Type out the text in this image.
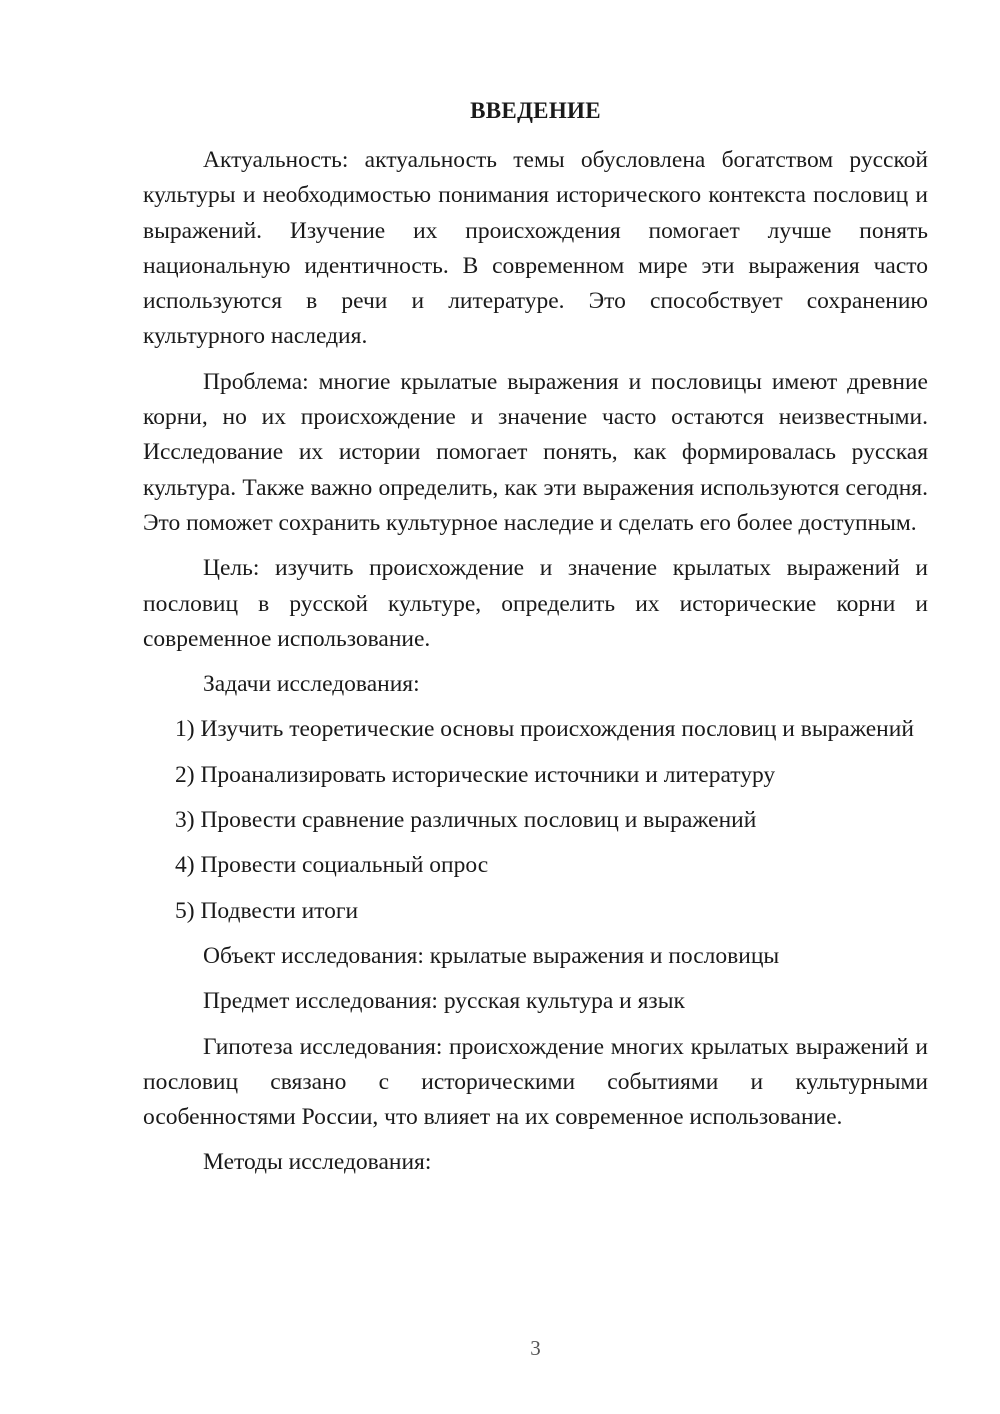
ВВЕДЕНИЕ

Актуальность: актуальность темы обусловлена богатством русской культуры и необходимостью понимания исторического контекста пословиц и выражений. Изучение их происхождения помогает лучше понять национальную идентичность. В современном мире эти выражения часто используются в речи и литературе. Это способствует сохранению культурного наследия.

Проблема: многие крылатые выражения и пословицы имеют древние корни, но их происхождение и значение часто остаются неизвестными. Исследование их истории помогает понять, как формировалась русская культура. Также важно определить, как эти выражения используются сегодня. Это поможет сохранить культурное наследие и сделать его более доступным.

Цель: изучить происхождение и значение крылатых выражений и пословиц в русской культуре, определить их исторические корни и современное использование.

Задачи исследования:

1) Изучить теоретические основы происхождения пословиц и выражений

2) Проанализировать исторические источники и литературу

3) Провести сравнение различных пословиц и выражений

4) Провести социальный опрос

5) Подвести итоги

Объект исследования: крылатые выражения и пословицы

Предмет исследования: русская культура и язык

Гипотеза исследования: происхождение многих крылатых выражений и пословиц связано с историческими событиями и культурными особенностями России, что влияет на их современное использование.

Методы исследования:

3
